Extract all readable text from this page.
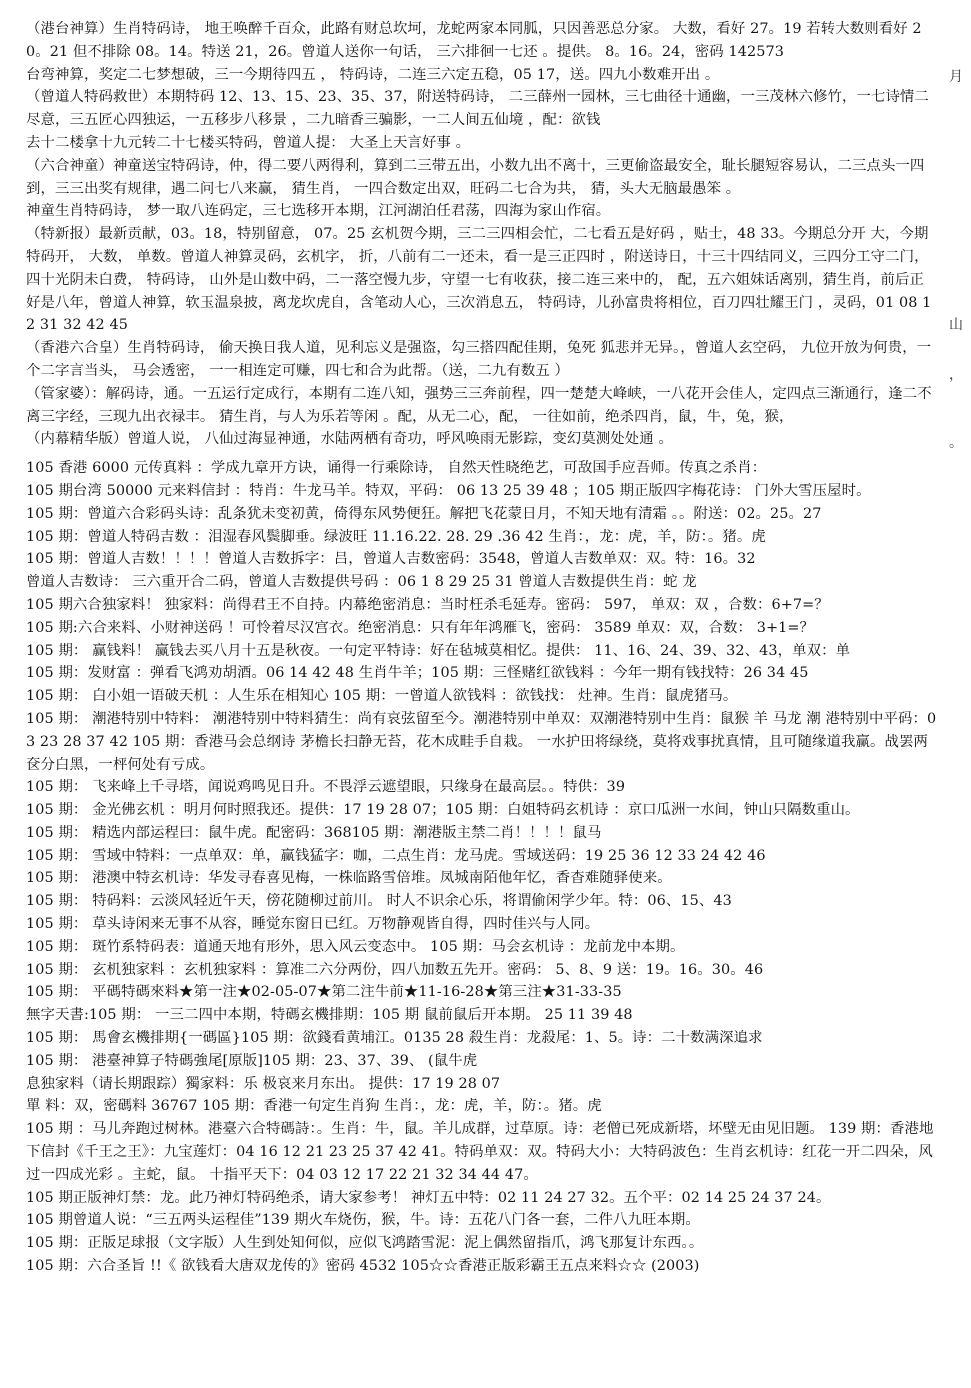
（港台神算）生肖特码诗， 地王唤醉千百众，此路有财总坎坷，龙蛇两家本同胍，只因善恶总分家。 大数，看好 27。19 若转大数则看好 20。21 但不排除 08。14。特送 21，26。曾道人送你一句话， 三六排徊一七还 。提供。 8。16。24，密码 142573

台弯神算，奖定二七梦想破，三一今期待四五 ， 特码诗，二连三六定五稳，05 17，送。四九小数难开出 。

（曾道人特码救世）本期特码 12、13、15、23、35、37，附送特码诗， 二三薛州一园林，三七曲径十通幽，一三茂林六修竹，一七诗情二尽意，三五匠心四独运，一五移步八移景 ，二九暗香三骗影，一二人间五仙境 ，配：欲钱

去十二楼拿十九元转二十七楼买特码，曾道人提： 大圣上天言好事 。

（六合神童）神童送宝特码诗，仲，得二要八两得利，算到二三带五出，小数九出不离十，三更偷盗最安全，耻长腿短容易认，二三点头一四到，三三出奖有规律，遇二问七八来赢， 猜生肖， 一四合数定出双，旺码二七合为共， 猜，头大无脑最愚笨 。

神童生肖特码诗， 梦一取八连码定，三七选移开本期，江河湖泊任君荡，四海为家山作宿。

（特新报）最新贡献，03。18，特别留意， 07。25 玄机贺今期，三二三四相会忙，二七看五是好码 ，贴士，48 33。今期总分开 大，今期特码开， 大数， 单数。曾道人神算灵码，玄机字， 折，八前有二一还未，看一是三正四时 ，附送诗日，十三十四结同义，三四分工守二门，四十光阴未白费， 特码诗， 山外是山数中码，二一落空慢九步，守望一七有收获，接二连三来中的， 配，五六姐妹话离别，猜生肖，前后正好是八年，曾道人神算，软玉温泉披，离龙坎虎自，含笔动人心，三次消息五， 特码诗，儿孙富贵将相位，百刀四壮耀王门 ，灵码，01 08 12 31 32 42 45

（香港六合皇）生肖特码诗， 偷天换日我人道，见利忘义是强盗，勾三搭四配佳期，兔死 狐悲并无异。，曾道人玄空码， 九位开放为何贵，一个二字言当头， 马会透密， 一一相连定可赚，四七和合为此帮。（送，二九有数五 ）

（管家婆）：解码诗，通。一五运行定成行，本期有二连八知，强势三三奔前程，四一楚楚大峰峡，一八花开会佳人，定四点三渐通行，逢二不离三字经，三现九出衣禄丰。 猜生肖，与人为乐若等闲 。配，从无二心，配， 一往如前，绝杀四肖，鼠，牛，兔，猴，

（内幕精华版）曾道人说， 八仙过海显神通，水陆两栖有奇功，呼风唤雨无影踪，变幻莫测处处通 。

105 香港 6000 元传真料 ：学成九章开方诀，诵得一行乘除诗， 自然天性晓绝艺，可敌国手应吾师。传真之杀肖：

105 期台湾 50000 元来料信封 ：特肖：牛龙马羊。特双，平码： 06 13 25 39 48 ；105 期正版四字梅花诗： 门外大雪压屋时。

105 期：曾道六合彩码头诗：乱条犹未变初黄，倚得东风势便狂。解把飞花蒙日月，不知天地有清霜 。。附送：02。25。27

105 期：曾道人特码吉数 ：泪湿春风鬓脚垂。绿波旺 11.16.22. 28. 29 .36 42 生肖：，龙：虎，羊，防：。猪。虎

105 期：曾道人吉数！！！！曾道人吉数拆字：吕，曾道人吉数密码：3548，曾道人吉数单双：双。特：16。32

曾道人吉数诗： 三六重开合二码，曾道人吉数提供号码 ：06 1 8 29 25 31 曾道人吉数提供生肖：蛇 龙

105 期六合独家料！ 独家料：尚得君王不自持。内幕绝密消息：当时枉杀毛延寿。密码： 597， 单双：双 ，合数：6+7=？

105 期:六合来料、小财神送码 ！可怜着尽汉宫衣。绝密消息：只有年年鸿雁飞，密码： 3589 单双：双，合数： 3+1=？

105 期： 赢钱料！ 赢钱去买八月十五是秋夜。一句定平特诗：好在毡城莫相忆。提供： 11、16、24、39、32、43，单双：单

105 期：发财富 ：弹看飞鸿劝胡酒。06 14 42 48 生肖牛羊；105 期：三怪赌红欲钱料 ：今年一期有钱找特：26 34 45

105 期： 白小姐一语破天机 ：人生乐在相知心 105 期：一曾道人欲钱料 ：欲钱找： 灶神。生肖：鼠虎猪马。

105 期： 潮港特别中特料： 潮港特别中特料猜生：尚有哀弦留至今。潮港特别中单双：双潮港特别中生肖：鼠猴 羊 马龙 潮 港特别中平码：0 3 23 28 37 42 105 期：香港马会总纲诗 茅檐长扫静无苔，花木成畦手自栽。 一水护田将绿绕，莫将戏事扰真情，且可随缘道我赢。战罢两奁分白黑，一枰何处有亏成。

105 期： 飞来峰上千寻塔，闻说鸡鸣见日升。不畏浮云遮望眼，只缘身在最高层。。特供：39

105 期： 金光佛玄机 ：明月何时照我还。提供：17 19 28 07；105 期：白姐特码玄机诗 ：京口瓜洲一水间，钟山只隔数重山。

105 期： 精选内部运程曰：鼠牛虎。配密码：368105 期：潮港版主禁二肖！！！！鼠马

105 期： 雪域中特料：一点单双：单，赢钱猛字：咖，二点生肖：龙马虎。雪域送码：19 25 36 12 33 24 42 46

105 期： 港澳中特玄机诗：华发寻春喜见梅，一株临路雪倍堆。凤城南陌他年忆，香杳难随驿使来。

105 期： 特码料：云淡风轻近午天，傍花随柳过前川。 时人不识余心乐，将谓偷闲学少年。特：06、15、43

105 期： 草头诗闲来无事不从容，睡觉东窗日已红。万物静观皆自得，四时佳兴与人同。

105 期： 斑竹系特码表：道通天地有形外，思入风云变态中。 105 期：马会玄机诗 ：龙前龙中本期。

105 期： 玄机独家料 ：玄机独家料 ：算准二六分两份，四八加数五先开。密码： 5、8、9 送：19。16。30。46

105 期： 平碼特碼來料★第一注★02-05-07★第二注牛前★11-16-28★第三注★31-33-35

無字天書:105 期： 一三二四中本期，特碼玄機排期：105 期 鼠前鼠后开本期。 25 11 39 48

105 期： 馬會玄機排期{一碼區}105 期：欲錢看黄埔江。0135 28 殺生肖：龙殺尾：1、5。诗：二十数满深追求

105 期： 港臺神算子特碼強尾[原版]105 期：23、37、39、 (鼠牛虎

息独家料（请长期跟踪）獨家料：乐 极哀来月东出。 提供：17 19 28 07

單 料：双，密碼料 36767 105 期：香港一句定生肖狗 生肖：，龙：虎，羊，防：。猪。虎

105 期 ：马儿奔跑过树林。港臺六合特碼詩：。生肖：牛，鼠。羊儿成群，过草原。诗：老僧已死成新塔，坏壁无由见旧题。 139 期：香港地下信封《千王之王》：九宝莲灯：04 16 12 21 23 25 37 42 41。特码单双：双。特码大小：大特码波色：生肖玄机诗：红花一开二四朵，风过一四成光彩 。主蛇，鼠。 十指平天下：04 03 12 17 22 21 32 34 44 47。

105 期正版神灯禁：龙。此乃神灯特码绝杀，请大家参考！ 神灯五中特：02 11 24 27 32。五个平：02 14 25 24 37 24。

105 期曾道人说：“三五两头运程佳”139 期火车烧伤，猴，牛。诗：五花八门各一套，二件八九旺本期。

105 期：正版足球报（文字版）人生到处知何似，应似飞鸿踏雪泥：泥上偶然留指爪，鸿飞那复计东西。。

105 期：六合圣旨 !!《 欲钱看大唐双龙传的》密码 4532 105☆☆香港正版彩霸王五点来料☆☆ (2003)

月
山
，
。
